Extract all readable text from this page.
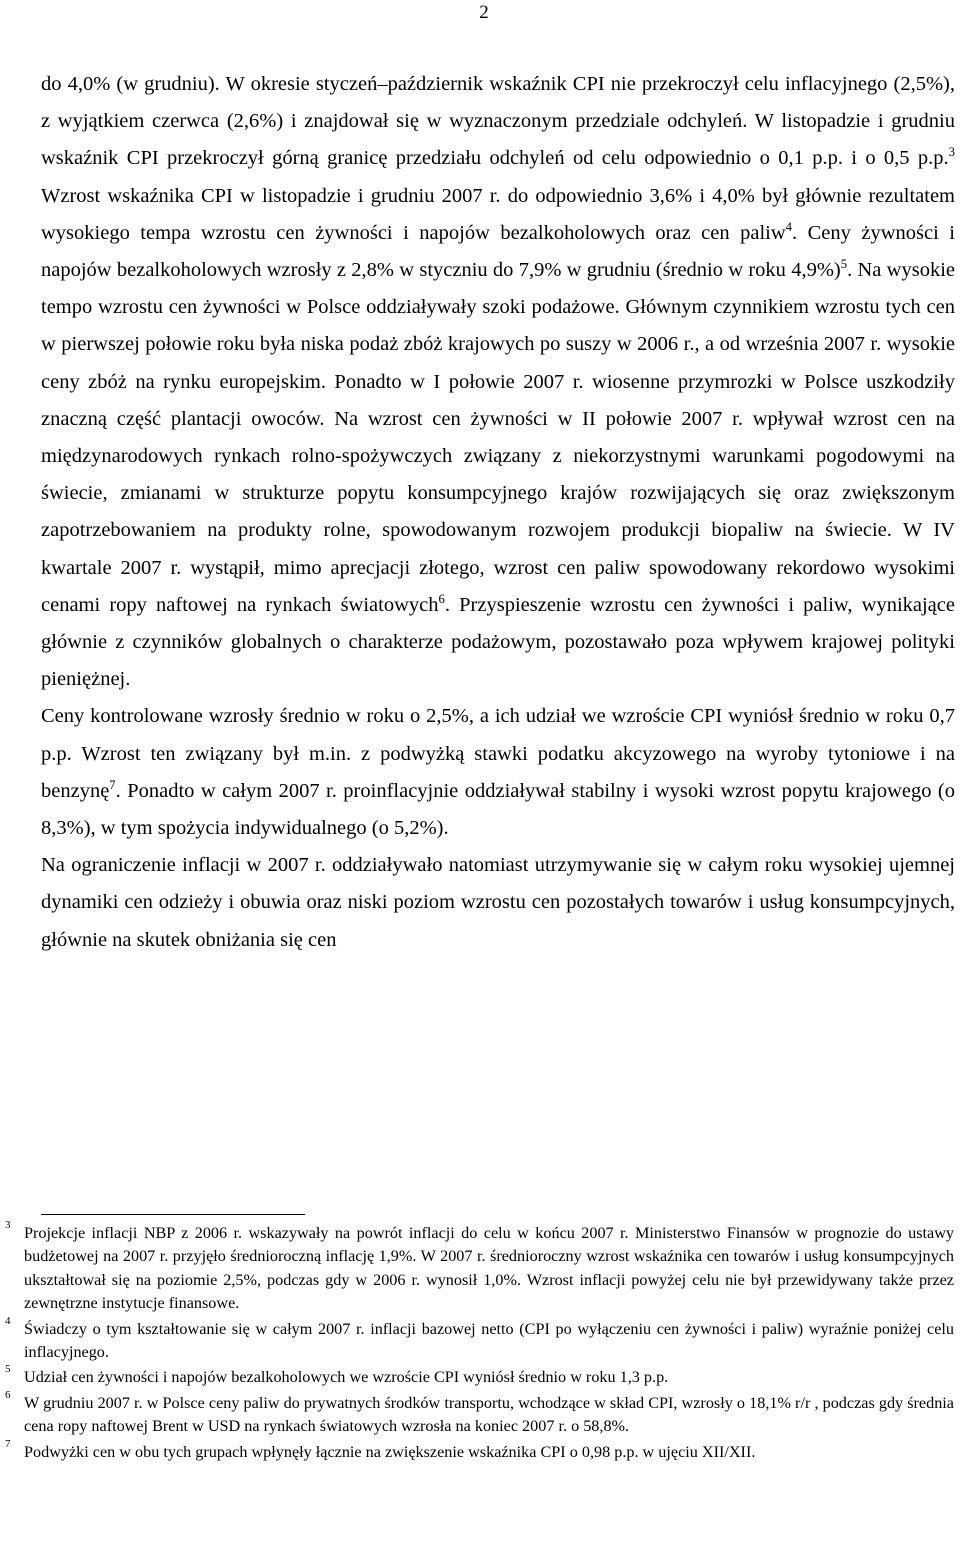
2

do 4,0% (w grudniu). W okresie styczeń–październik wskaźnik CPI nie przekroczył celu inflacyjnego (2,5%), z wyjątkiem czerwca (2,6%) i znajdował się w wyznaczonym przedziale odchyleń. W listopadzie i grudniu wskaźnik CPI przekroczył górną granicę przedziału odchyleń od celu odpowiednio o 0,1 p.p. i o 0,5 p.p.$^3$ Wzrost wskaźnika CPI w listopadzie i grudniu 2007 r. do odpowiednio 3,6% i 4,0% był głównie rezultatem wysokiego tempa wzrostu cen żywności i napojów bezalkoholowych oraz cen paliw$^4$. Ceny żywności i napojów bezalkoholowych wzrosły z 2,8% w styczniu do 7,9% w grudniu (średnio w roku 4,9%)$^5$. Na wysokie tempo wzrostu cen żywności w Polsce oddziaływały szoki podażowe. Głównym czynnikiem wzrostu tych cen w pierwszej połowie roku była niska podaż zbóż krajowych po suszy w 2006 r., a od września 2007 r. wysokie ceny zbóż na rynku europejskim. Ponadto w I połowie 2007 r. wiosenne przymrozki w Polsce uszkodziły znaczną część plantacji owoców. Na wzrost cen żywności w II połowie 2007 r. wpływał wzrost cen na międzynarodowych rynkach rolno-spożywczych związany z niekorzystnymi warunkami pogodowymi na świecie, zmianami w strukturze popytu konsumpcyjnego krajów rozwijających się oraz zwiększonym zapotrzebowaniem na produkty rolne, spowodowanym rozwojem produkcji biopaliw na świecie. W IV kwartale 2007 r. wystąpił, mimo aprecjacji złotego, wzrost cen paliw spowodowany rekordowo wysokimi cenami ropy naftowej na rynkach światowych$^6$. Przyspieszenie wzrostu cen żywności i paliw, wynikające głównie z czynników globalnych o charakterze podażowym, pozostawało poza wpływem krajowej polityki pieniężnej.

Ceny kontrolowane wzrosły średnio w roku o 2,5%, a ich udział we wzroście CPI wyniósł średnio w roku 0,7 p.p. Wzrost ten związany był m.in. z podwyżką stawki podatku akcyzowego na wyroby tytoniowe i na benzynę$^7$. Ponadto w całym 2007 r. proinflacyjnie oddziaływał stabilny i wysoki wzrost popytu krajowego (o 8,3%), w tym spożycia indywidualnego (o 5,2%).

Na ograniczenie inflacji w 2007 r. oddziaływało natomiast utrzymywanie się w całym roku wysokiej ujemnej dynamiki cen odzieży i obuwia oraz niski poziom wzrostu cen pozostałych towarów i usług konsumpcyjnych, głównie na skutek obniżania się cen

3 Projekcje inflacji NBP z 2006 r. wskazywały na powrót inflacji do celu w końcu 2007 r. Ministerstwo Finansów w prognozie do ustawy budżetowej na 2007 r. przyjęło średnioroczną inflację 1,9%. W 2007 r. średnioroczny wzrost wskaźnika cen towarów i usług konsumpcyjnych ukształtował się na poziomie 2,5%, podczas gdy w 2006 r. wynosił 1,0%. Wzrost inflacji powyżej celu nie był przewidywany także przez zewnętrzne instytucje finansowe.
4 Świadczy o tym kształtowanie się w całym 2007 r. inflacji bazowej netto (CPI po wyłączeniu cen żywności i paliw) wyraźnie poniżej celu inflacyjnego.
5 Udział cen żywności i napojów bezalkoholowych we wzroście CPI wyniósł średnio w roku 1,3 p.p.
6 W grudniu 2007 r. w Polsce ceny paliw do prywatnych środków transportu, wchodzące w skład CPI, wzrosły o 18,1% r/r , podczas gdy średnia cena ropy naftowej Brent w USD na rynkach światowych wzrosła na koniec 2007 r. o 58,8%.
7 Podwyżki cen w obu tych grupach wpłynęły łącznie na zwiększenie wskaźnika CPI o 0,98 p.p. w ujęciu XII/XII.
